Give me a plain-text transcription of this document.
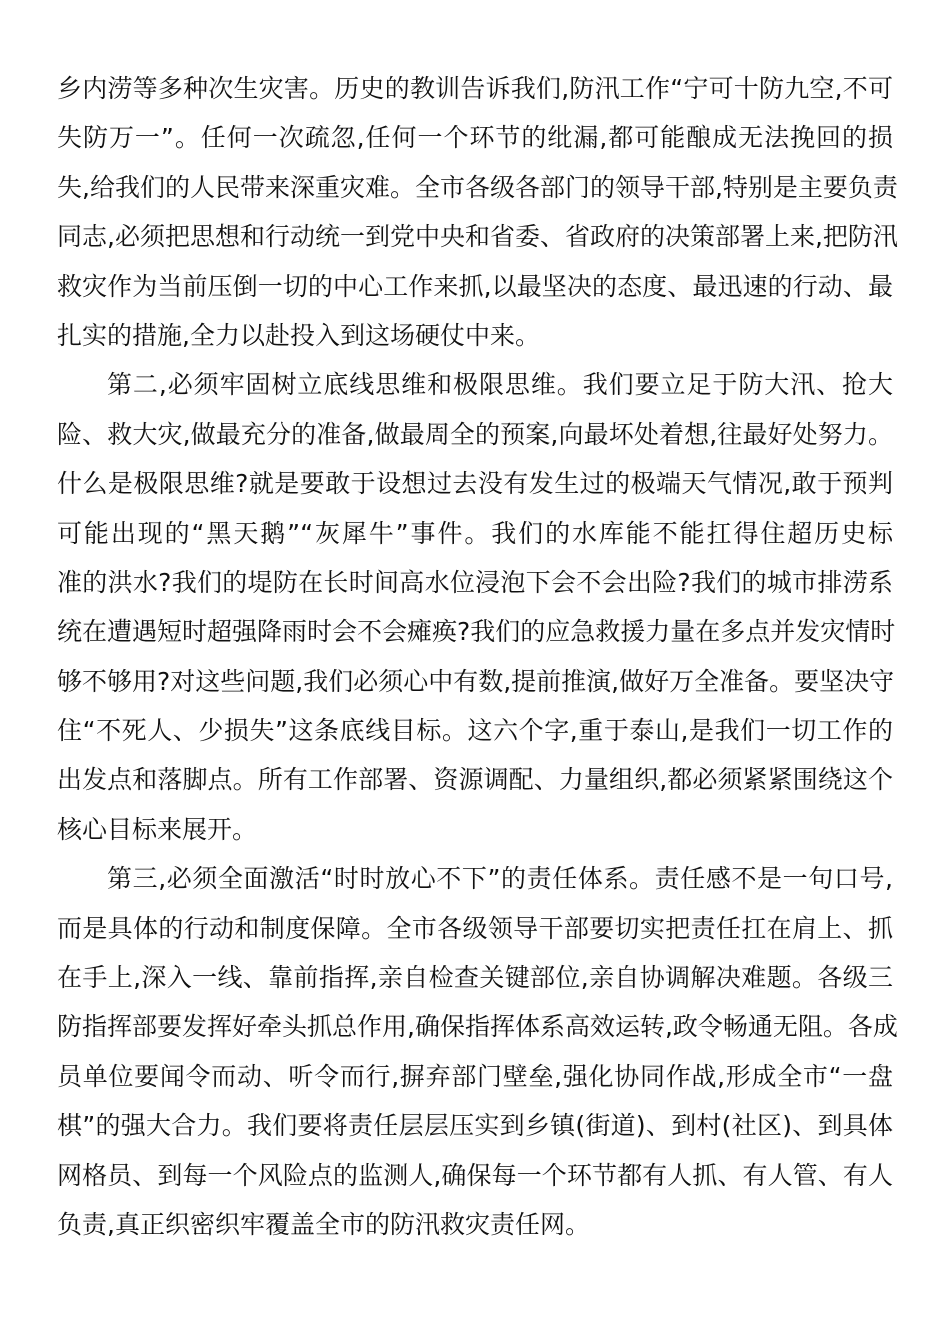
乡内涝等多种次生灾害。历史的教训告诉我们,防汛工作“宁可十防九空,不可
失防万一”。任何一次疏忽,任何一个环节的纰漏,都可能酿成无法挽回的损
失,给我们的人民带来深重灾难。全市各级各部门的领导干部,特别是主要负责
同志,必须把思想和行动统一到党中央和省委、省政府的决策部署上来,把防汛
救灾作为当前压倒一切的中心工作来抓,以最坚决的态度、最迅速的行动、最
扎实的措施,全力以赴投入到这场硬仗中来。
第二,必须牢固树立底线思维和极限思维。我们要立足于防大汛、抢大
险、救大灾,做最充分的准备,做最周全的预案,向最坏处着想,往最好处努力。
什么是极限思维?就是要敢于设想过去没有发生过的极端天气情况,敢于预判
可能出现的“黑天鹅”“灰犀牛”事件。我们的水库能不能扛得住超历史标
准的洪水?我们的堤防在长时间高水位浸泡下会不会出险?我们的城市排涝系
统在遭遇短时超强降雨时会不会瘫痪?我们的应急救援力量在多点并发灾情时
够不够用?对这些问题,我们必须心中有数,提前推演,做好万全准备。要坚决守
住“不死人、少损失”这条底线目标。这六个字,重于泰山,是我们一切工作的
出发点和落脚点。所有工作部署、资源调配、力量组织,都必须紧紧围绕这个
核心目标来展开。
第三,必须全面激活“时时放心不下”的责任体系。责任感不是一句口号,
而是具体的行动和制度保障。全市各级领导干部要切实把责任扛在肩上、抓
在手上,深入一线、靠前指挥,亲自检查关键部位,亲自协调解决难题。各级三
防指挥部要发挥好牵头抓总作用,确保指挥体系高效运转,政令畅通无阻。各成
员单位要闻令而动、听令而行,摒弃部门壁垒,强化协同作战,形成全市“一盘
棋”的强大合力。我们要将责任层层压实到乡镇(街道)、到村(社区)、到具体
网格员、到每一个风险点的监测人,确保每一个环节都有人抓、有人管、有人
负责,真正织密织牢覆盖全市的防汛救灾责任网。
